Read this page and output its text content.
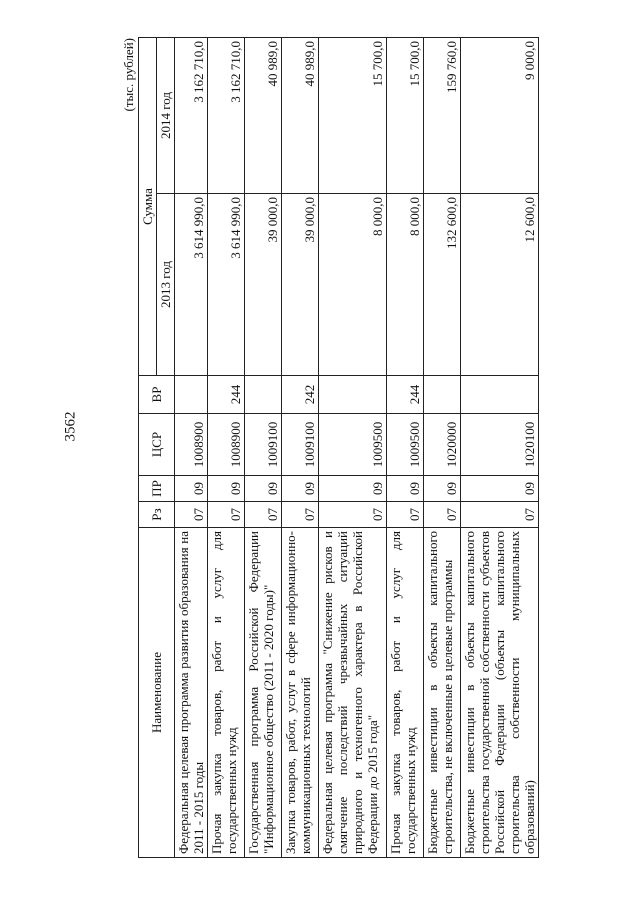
3562
(тыс. рублей)
Наименование	Рз	ПР	ЦСР	ВР	Сумма	
					2013 год	2014 год
Федеральная целевая программа развития образования на 2011 - 2015 годы	07	09	1008900		3 614 990,0	3 162 710,0
Прочая закупка товаров, работ и услуг для государственных нужд	07	09	1008900	244	3 614 990,0	3 162 710,0
Государственная программа Российской Федерации "Информационное общество (2011 - 2020 годы)"	07	09	1009100		39 000,0	40 989,0
Закупка товаров, работ, услуг в сфере информационно-коммуникационных технологий	07	09	1009100	242	39 000,0	40 989,0
Федеральная целевая программа "Снижение рисков и смягчение последствий чрезвычайных ситуаций природного и техногенного характера в Российской Федерации до 2015 года"	07	09	1009500		8 000,0	15 700,0
Прочая закупка товаров, работ и услуг для государственных нужд	07	09	1009500	244	8 000,0	15 700,0
Бюджетные инвестиции в объекты капитального строительства, не включенные в целевые программы	07	09	1020000		132 600,0	159 760,0
Бюджетные инвестиции в объекты капитального строительства государственной собственности субъектов Российской Федерации (объекты капитального строительства собственности муниципальных образований)	07	09	1020100		12 600,0	9 000,0
